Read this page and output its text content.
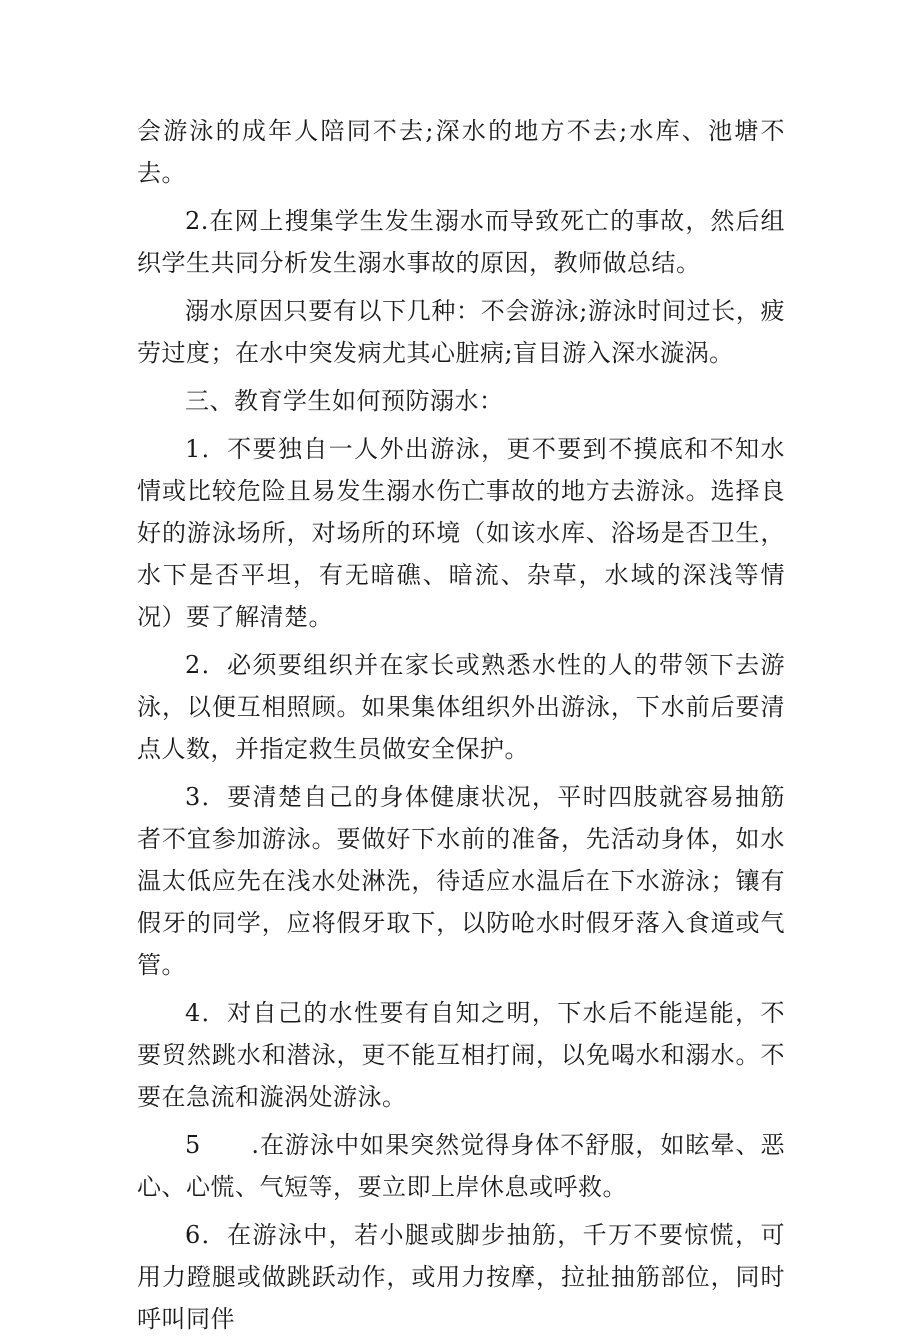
会游泳的成年人陪同不去;深水的地方不去;水库、池塘不去。

2.在网上搜集学生发生溺水而导致死亡的事故，然后组织学生共同分析发生溺水事故的原因，教师做总结。

溺水原因只要有以下几种：不会游泳;游泳时间过长，疲劳过度；在水中突发病尤其心脏病;盲目游入深水漩涡。

三、教育学生如何预防溺水：

1．不要独自一人外出游泳，更不要到不摸底和不知水情或比较危险且易发生溺水伤亡事故的地方去游泳。选择良好的游泳场所，对场所的环境（如该水库、浴场是否卫生，水下是否平坦，有无暗礁、暗流、杂草，水域的深浅等情况）要了解清楚。

2．必须要组织并在家长或熟悉水性的人的带领下去游泳，以便互相照顾。如果集体组织外出游泳，下水前后要清点人数，并指定救生员做安全保护。

3．要清楚自己的身体健康状况，平时四肢就容易抽筋者不宜参加游泳。要做好下水前的准备，先活动身体，如水温太低应先在浅水处淋洗，待适应水温后在下水游泳；镶有假牙的同学，应将假牙取下，以防呛水时假牙落入食道或气管。

4．对自己的水性要有自知之明，下水后不能逞能，不要贸然跳水和潜泳，更不能互相打闹，以免喝水和溺水。不要在急流和漩涡处游泳。

5　　.在游泳中如果突然觉得身体不舒服，如眩晕、恶心、心慌、气短等，要立即上岸休息或呼救。

6．在游泳中，若小腿或脚步抽筋，千万不要惊慌，可用力蹬腿或做跳跃动作，或用力按摩，拉扯抽筋部位，同时呼叫同伴
